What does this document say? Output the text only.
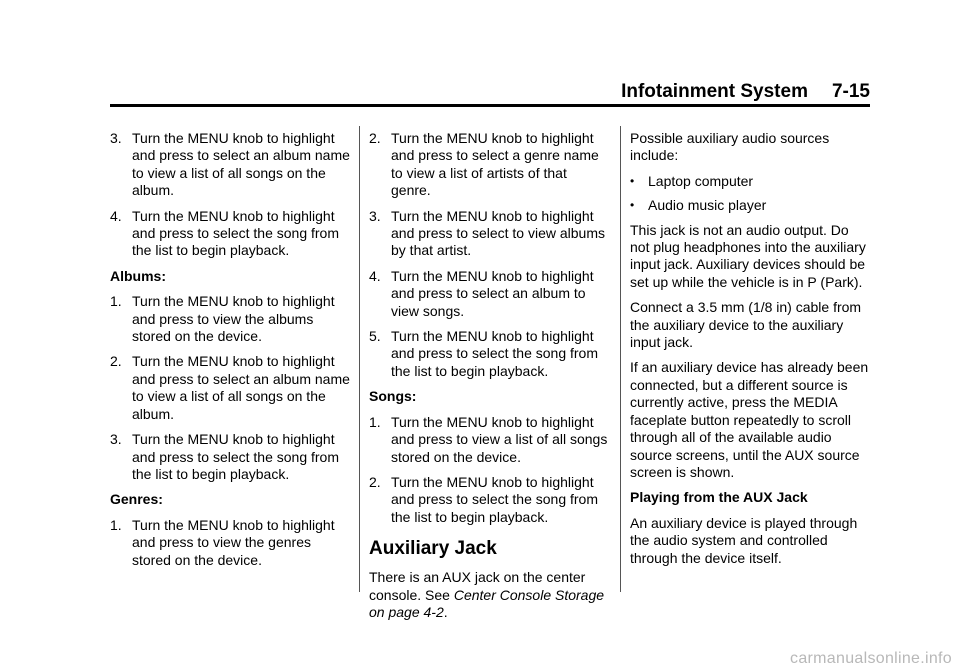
Infotainment System 7-15
3. Turn the MENU knob to highlight and press to select an album name to view a list of all songs on the album.
4. Turn the MENU knob to highlight and press to select the song from the list to begin playback.
Albums:
1. Turn the MENU knob to highlight and press to view the albums stored on the device.
2. Turn the MENU knob to highlight and press to select an album name to view a list of all songs on the album.
3. Turn the MENU knob to highlight and press to select the song from the list to begin playback.
Genres:
1. Turn the MENU knob to highlight and press to view the genres stored on the device.
2. Turn the MENU knob to highlight and press to select a genre name to view a list of artists of that genre.
3. Turn the MENU knob to highlight and press to select to view albums by that artist.
4. Turn the MENU knob to highlight and press to select an album to view songs.
5. Turn the MENU knob to highlight and press to select the song from the list to begin playback.
Songs:
1. Turn the MENU knob to highlight and press to view a list of all songs stored on the device.
2. Turn the MENU knob to highlight and press to select the song from the list to begin playback.
Auxiliary Jack
There is an AUX jack on the center console. See Center Console Storage on page 4-2.
Possible auxiliary audio sources include:
• Laptop computer
• Audio music player
This jack is not an audio output. Do not plug headphones into the auxiliary input jack. Auxiliary devices should be set up while the vehicle is in P (Park).
Connect a 3.5 mm (1/8 in) cable from the auxiliary device to the auxiliary input jack.
If an auxiliary device has already been connected, but a different source is currently active, press the MEDIA faceplate button repeatedly to scroll through all of the available audio source screens, until the AUX source screen is shown.
Playing from the AUX Jack
An auxiliary device is played through the audio system and controlled through the device itself.
carmanualsonline.info
